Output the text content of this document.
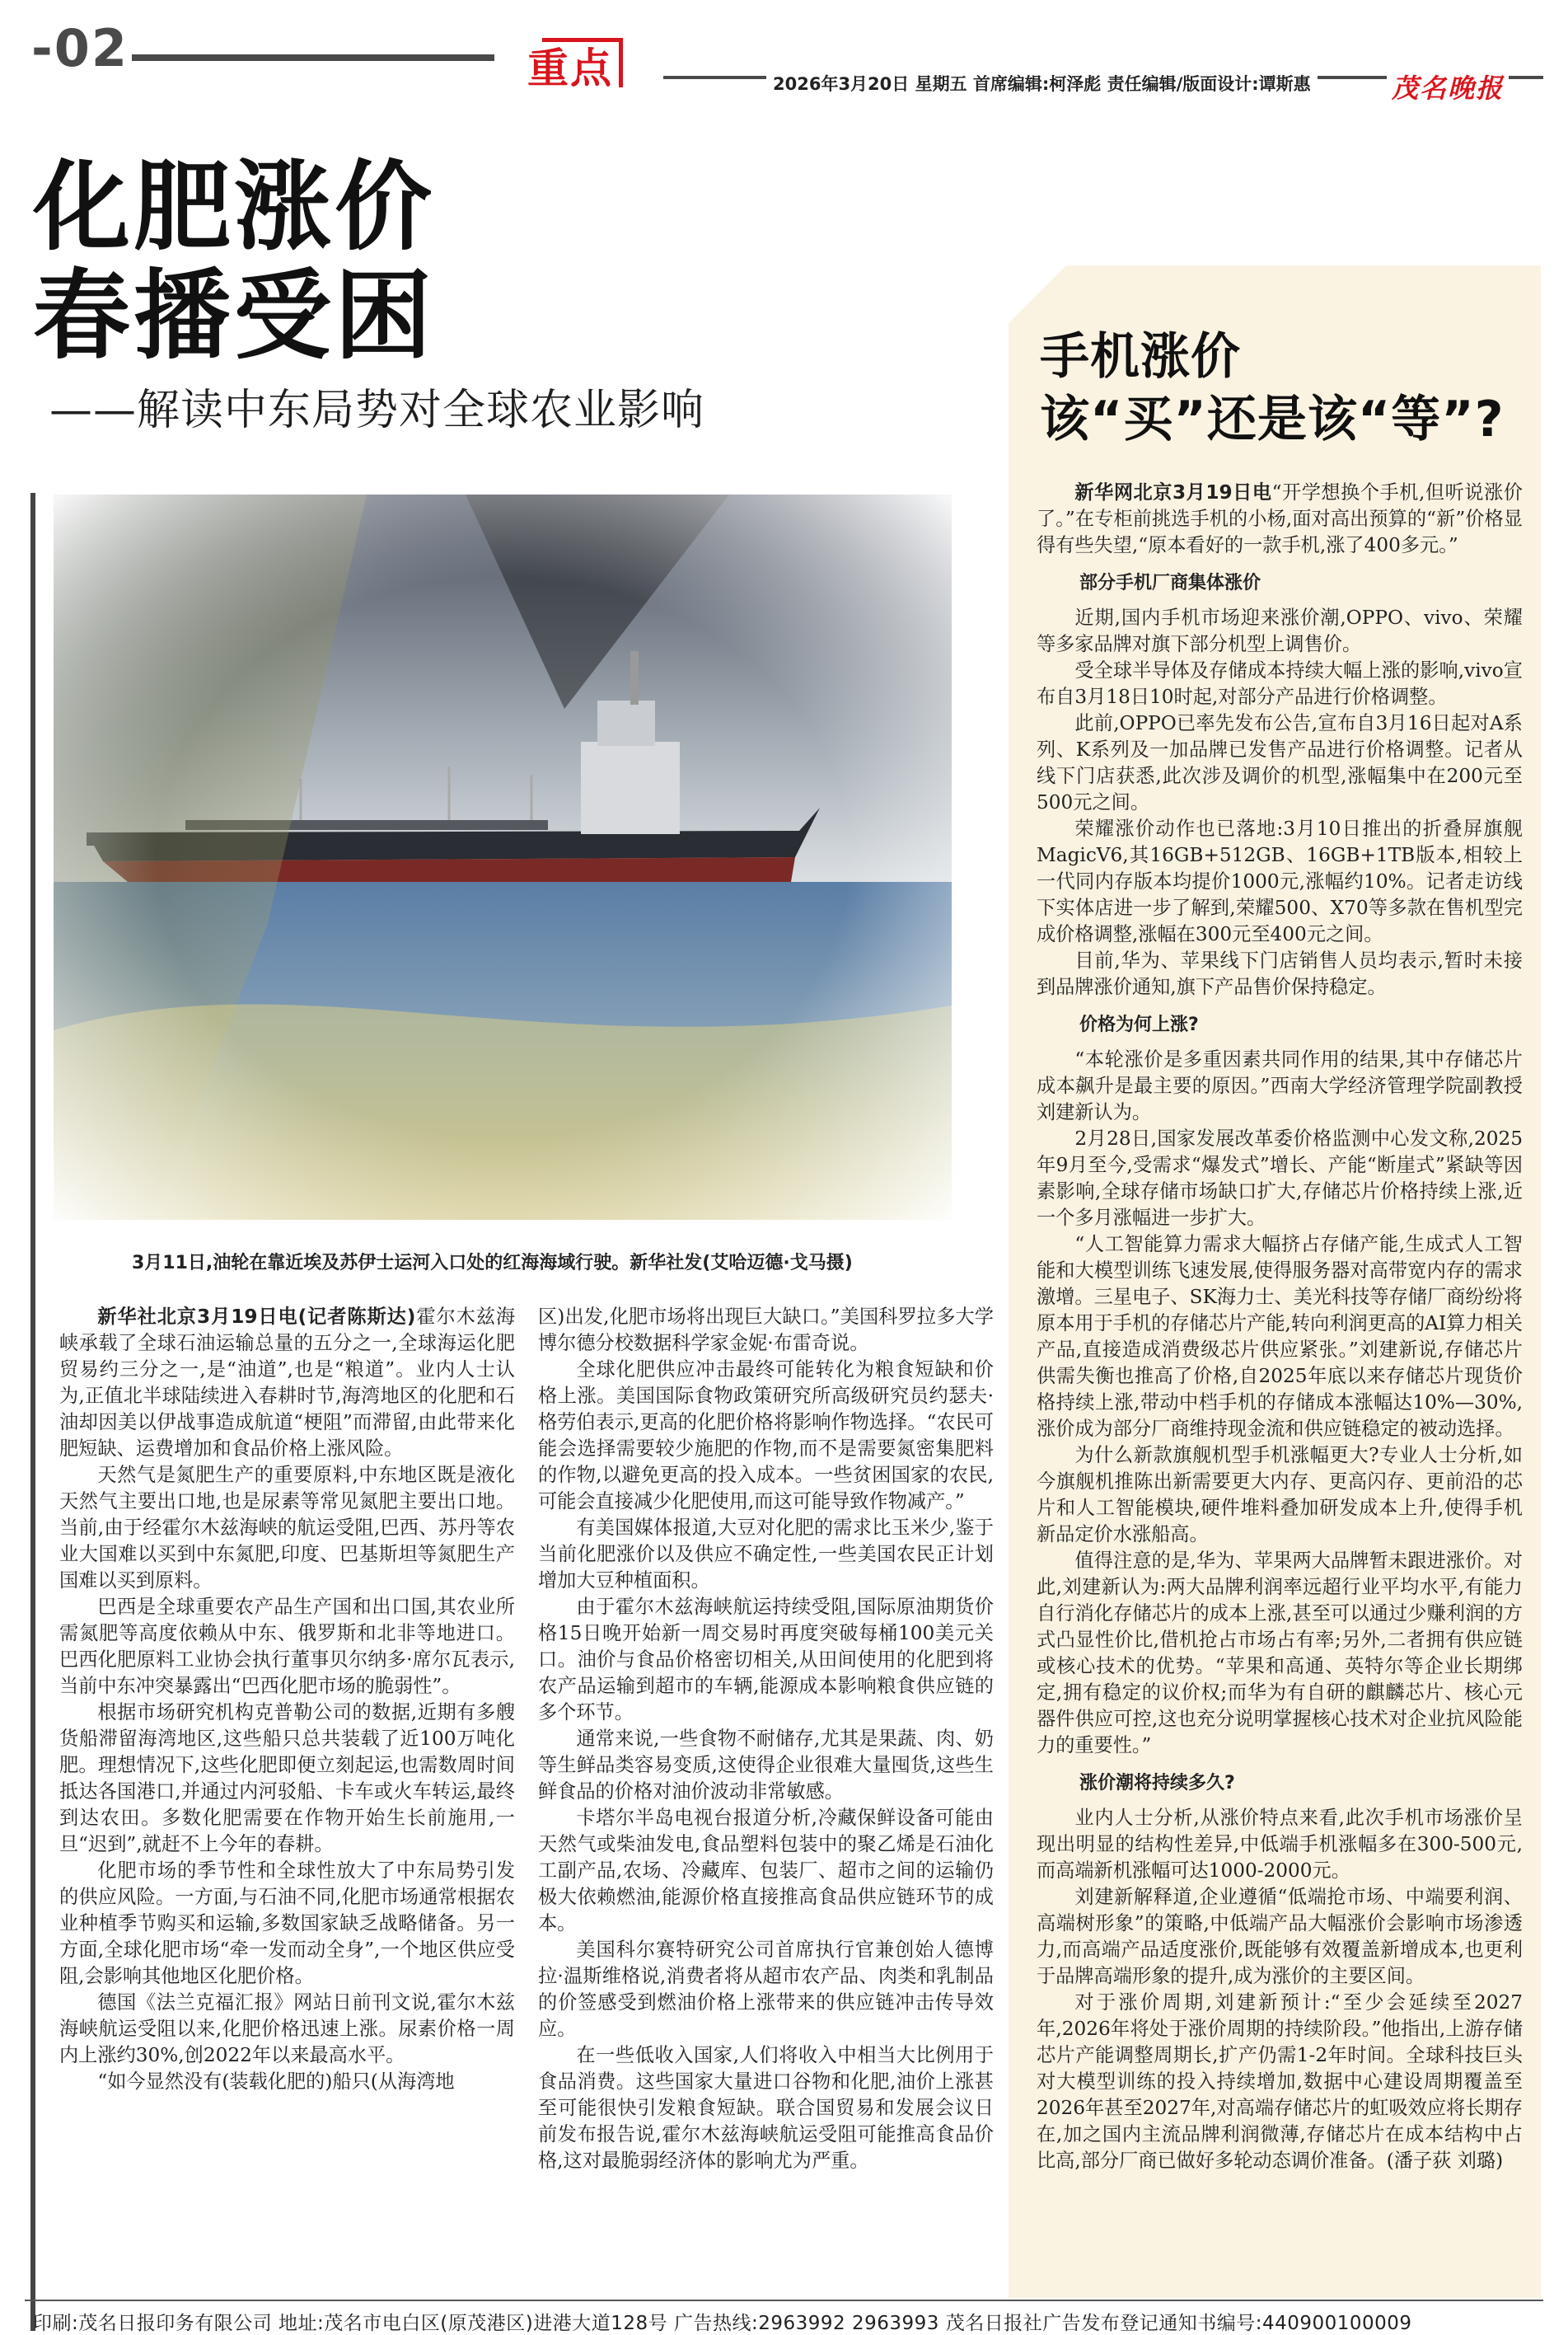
-02	重点	2026年3月20日 星期五 首席编辑:柯泽彪 责任编辑/版面设计:谭斯惠	茂名晚报
化肥涨价
春播受困
——解读中东局势对全球农业影响
3月11日,油轮在靠近埃及苏伊士运河入口处的红海海域行驶。新华社发(艾哈迈德·戈马摄)

新华社北京3月19日电(记者陈斯达)霍尔木兹海峡承载了全球石油运输总量的五分之一,全球海运化肥贸易约三分之一,是“油道”,也是“粮道”。业内人士认为,正值北半球陆续进入春耕时节,海湾地区的化肥和石油却因美以伊战事造成航道“梗阻”而滞留,由此带来化肥短缺、运费增加和食品价格上涨风险。

天然气是氮肥生产的重要原料,中东地区既是液化天然气主要出口地,也是尿素等常见氮肥主要出口地。当前,由于经霍尔木兹海峡的航运受阻,巴西、苏丹等农业大国难以买到中东氮肥,印度、巴基斯坦等氮肥生产国难以买到原料。

巴西是全球重要农产品生产国和出口国,其农业所需氮肥等高度依赖从中东、俄罗斯和北非等地进口。巴西化肥原料工业协会执行董事贝尔纳多·席尔瓦表示,当前中东冲突暴露出“巴西化肥市场的脆弱性”。

根据市场研究机构克普勒公司的数据,近期有多艘货船滞留海湾地区,这些船只总共装载了近100万吨化肥。理想情况下,这些化肥即便立刻起运,也需数周时间抵达各国港口,并通过内河驳船、卡车或火车转运,最终到达农田。多数化肥需要在作物开始生长前施用,一旦“迟到”,就赶不上今年的春耕。

化肥市场的季节性和全球性放大了中东局势引发的供应风险。一方面,与石油不同,化肥市场通常根据农业种植季节购买和运输,多数国家缺乏战略储备。另一方面,全球化肥市场“牵一发而动全身”,一个地区供应受阻,会影响其他地区化肥价格。

德国《法兰克福汇报》网站日前刊文说,霍尔木兹海峡航运受阻以来,化肥价格迅速上涨。尿素价格一周内上涨约30%,创2022年以来最高水平。

“如今显然没有(装载化肥的)船只(从海湾地

区)出发,化肥市场将出现巨大缺口。”美国科罗拉多大学博尔德分校数据科学家金妮·布雷奇说。

全球化肥供应冲击最终可能转化为粮食短缺和价格上涨。美国国际食物政策研究所高级研究员约瑟夫·格劳伯表示,更高的化肥价格将影响作物选择。“农民可能会选择需要较少施肥的作物,而不是需要氮密集肥料的作物,以避免更高的投入成本。一些贫困国家的农民,可能会直接减少化肥使用,而这可能导致作物减产。”

有美国媒体报道,大豆对化肥的需求比玉米少,鉴于当前化肥涨价以及供应不确定性,一些美国农民正计划增加大豆种植面积。

由于霍尔木兹海峡航运持续受阻,国际原油期货价格15日晚开始新一周交易时再度突破每桶100美元关口。油价与食品价格密切相关,从田间使用的化肥到将农产品运输到超市的车辆,能源成本影响粮食供应链的多个环节。

通常来说,一些食物不耐储存,尤其是果蔬、肉、奶等生鲜品类容易变质,这使得企业很难大量囤货,这些生鲜食品的价格对油价波动非常敏感。

卡塔尔半岛电视台报道分析,冷藏保鲜设备可能由天然气或柴油发电,食品塑料包装中的聚乙烯是石油化工副产品,农场、冷藏库、包装厂、超市之间的运输仍极大依赖燃油,能源价格直接推高食品供应链环节的成本。

美国科尔赛特研究公司首席执行官兼创始人德博拉·温斯维格说,消费者将从超市农产品、肉类和乳制品的价签感受到燃油价格上涨带来的供应链冲击传导效应。

在一些低收入国家,人们将收入中相当大比例用于食品消费。这些国家大量进口谷物和化肥,油价上涨甚至可能很快引发粮食短缺。联合国贸易和发展会议日前发布报告说,霍尔木兹海峡航运受阻可能推高食品价格,这对最脆弱经济体的影响尤为严重。

手机涨价
该“买”还是该“等”?

新华网北京3月19日电“开学想换个手机,但听说涨价了。”在专柜前挑选手机的小杨,面对高出预算的“新”价格显得有些失望,“原本看好的一款手机,涨了400多元。”

部分手机厂商集体涨价

近期,国内手机市场迎来涨价潮,OPPO、vivo、荣耀等多家品牌对旗下部分机型上调售价。

受全球半导体及存储成本持续大幅上涨的影响,vivo宣布自3月18日10时起,对部分产品进行价格调整。

此前,OPPO已率先发布公告,宣布自3月16日起对A系列、K系列及一加品牌已发售产品进行价格调整。记者从线下门店获悉,此次涉及调价的机型,涨幅集中在200元至500元之间。

荣耀涨价动作也已落地:3月10日推出的折叠屏旗舰MagicV6,其16GB+512GB、16GB+1TB版本,相较上一代同内存版本均提价1000元,涨幅约10%。记者走访线下实体店进一步了解到,荣耀500、X70等多款在售机型完成价格调整,涨幅在300元至400元之间。

目前,华为、苹果线下门店销售人员均表示,暂时未接到品牌涨价通知,旗下产品售价保持稳定。

价格为何上涨?

“本轮涨价是多重因素共同作用的结果,其中存储芯片成本飙升是最主要的原因。”西南大学经济管理学院副教授刘建新认为。

2月28日,国家发展改革委价格监测中心发文称,2025年9月至今,受需求“爆发式”增长、产能“断崖式”紧缺等因素影响,全球存储市场缺口扩大,存储芯片价格持续上涨,近一个多月涨幅进一步扩大。

“人工智能算力需求大幅挤占存储产能,生成式人工智能和大模型训练飞速发展,使得服务器对高带宽内存的需求激增。三星电子、SK海力士、美光科技等存储厂商纷纷将原本用于手机的存储芯片产能,转向利润更高的AI算力相关产品,直接造成消费级芯片供应紧张。”刘建新说,存储芯片供需失衡也推高了价格,自2025年底以来存储芯片现货价格持续上涨,带动中档手机的存储成本涨幅达10%—30%,涨价成为部分厂商维持现金流和供应链稳定的被动选择。

为什么新款旗舰机型手机涨幅更大?专业人士分析,如今旗舰机推陈出新需要更大内存、更高闪存、更前沿的芯片和人工智能模块,硬件堆料叠加研发成本上升,使得手机新品定价水涨船高。

值得注意的是,华为、苹果两大品牌暂未跟进涨价。对此,刘建新认为:两大品牌利润率远超行业平均水平,有能力自行消化存储芯片的成本上涨,甚至可以通过少赚利润的方式凸显性价比,借机抢占市场占有率;另外,二者拥有供应链或核心技术的优势。“苹果和高通、英特尔等企业长期绑定,拥有稳定的议价权;而华为有自研的麒麟芯片、核心元器件供应可控,这也充分说明掌握核心技术对企业抗风险能力的重要性。”

涨价潮将持续多久?

业内人士分析,从涨价特点来看,此次手机市场涨价呈现出明显的结构性差异,中低端手机涨幅多在300-500元,而高端新机涨幅可达1000-2000元。

刘建新解释道,企业遵循“低端抢市场、中端要利润、高端树形象”的策略,中低端产品大幅涨价会影响市场渗透力,而高端产品适度涨价,既能够有效覆盖新增成本,也更利于品牌高端形象的提升,成为涨价的主要区间。

对于涨价周期,刘建新预计:“至少会延续至2027年,2026年将处于涨价周期的持续阶段。”他指出,上游存储芯片产能调整周期长,扩产仍需1-2年时间。全球科技巨头对大模型训练的投入持续增加,数据中心建设周期覆盖至2026年甚至2027年,对高端存储芯片的虹吸效应将长期存在,加之国内主流品牌利润微薄,存储芯片在成本结构中占比高,部分厂商已做好多轮动态调价准备。(潘子荻 刘璐)

印刷:茂名日报印务有限公司 地址:茂名市电白区(原茂港区)进港大道128号 广告热线:2963992 2963993 茂名日报社广告发布登记通知书编号:440900100009
